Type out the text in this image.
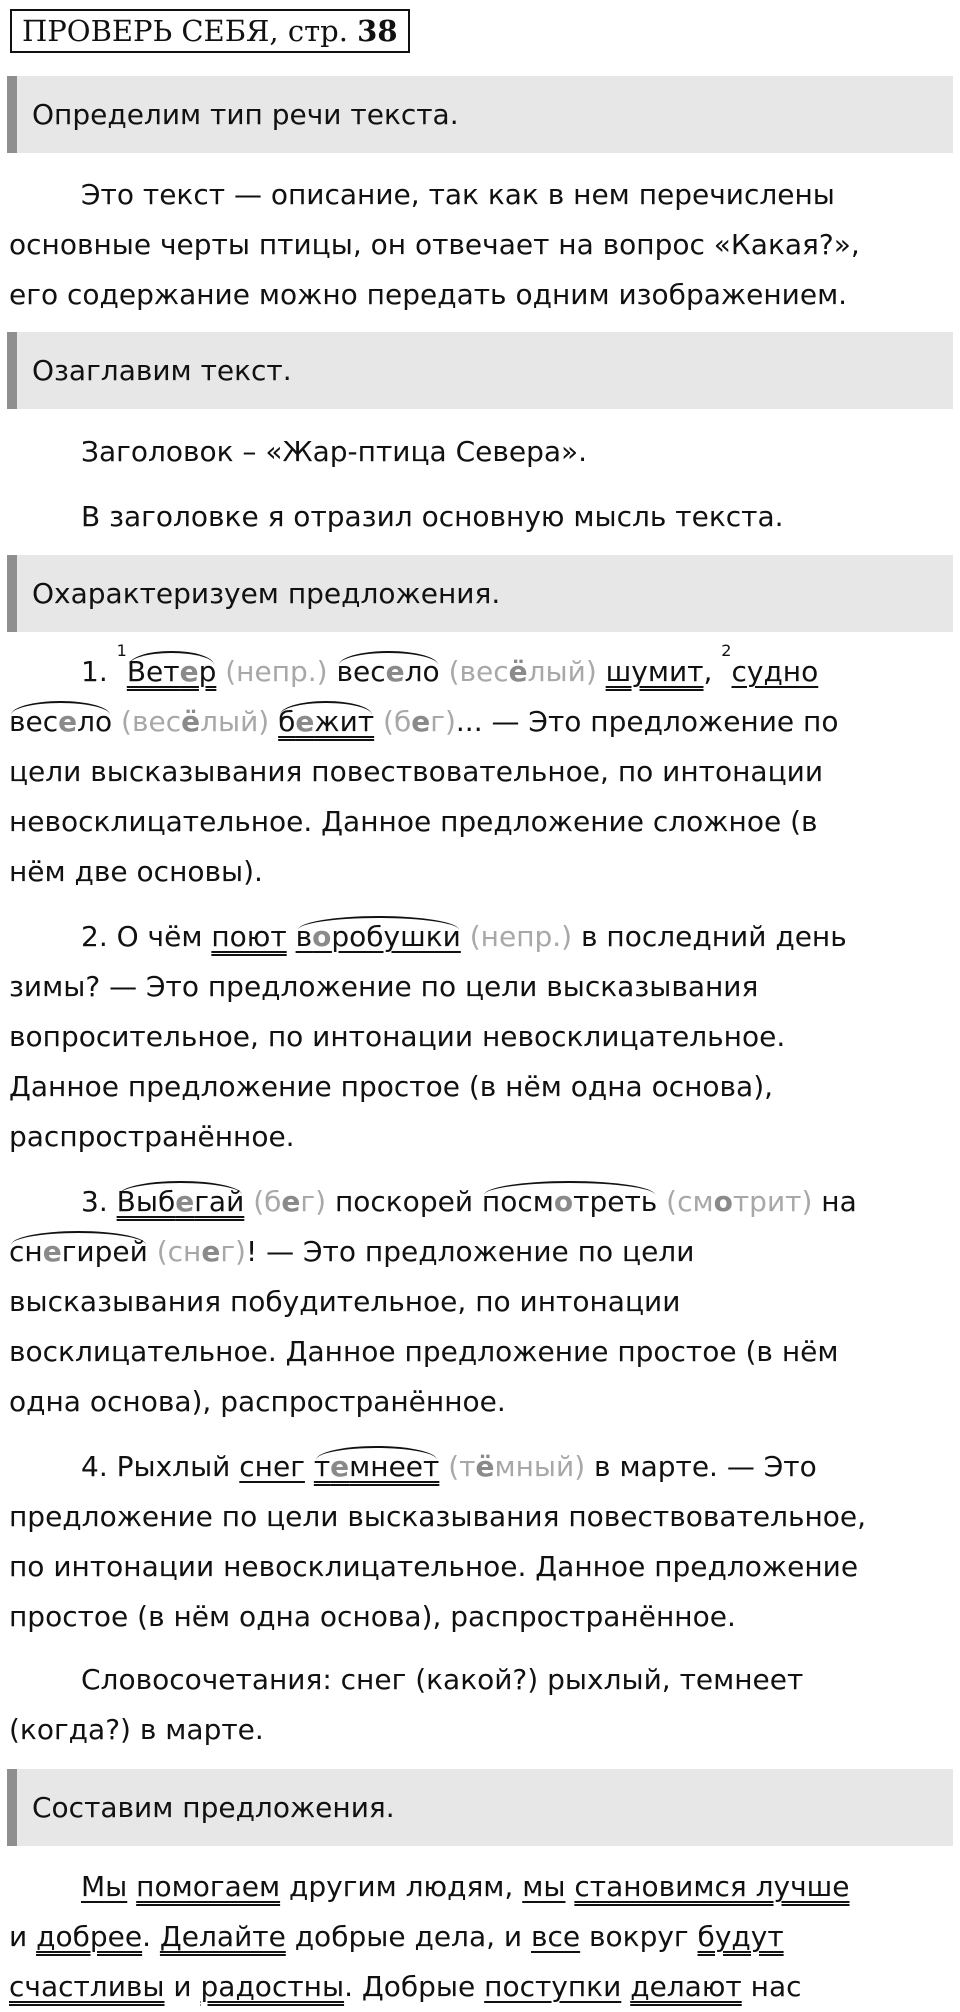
ПРОВЕРЬ СЕБЯ, стр. 38
Определим тип речи текста.
Это текст — описание, так как в нем перечислены
основные черты птицы, он отвечает на вопрос «Какая?»,
его содержание можно передать одним изображением.
Озаглавим текст.
Заголовок – «Жар-птица Севера».
В заголовке я отразил основную мысль текста.
Охарактеризуем предложения.
1. $^1$Ветер (непр.) весело (весёлый) шумит, $^2$судно
весело (весёлый) бежит (бег)... — Это предложение по
цели высказывания повествовательное, по интонации
невосклицательное. Данное предложение сложное (в
нём две основы).
2. О чём поют воробушки (непр.) в последний день
зимы? — Это предложение по цели высказывания
вопросительное, по интонации невосклицательное.
Данное предложение простое (в нём одна основа),
распространённое.
3. Выбегай (бег) поскорей посмотреть (смотрит) на
снегирей (снег)! — Это предложение по цели
высказывания побудительное, по интонации
восклицательное. Данное предложение простое (в нём
одна основа), распространённое.
4. Рыхлый снег темнеет (тёмный) в марте. — Это
предложение по цели высказывания повествовательное,
по интонации невосклицательное. Данное предложение
простое (в нём одна основа), распространённое.
Словосочетания: снег (какой?) рыхлый, темнеет
(когда?) в марте.
Составим предложения.
Мы помогаем другим людям, мы становимся лучше
и добрее. Делайте добрые дела, и все вокруг будут
счастливы и радостны. Добрые поступки делают нас
